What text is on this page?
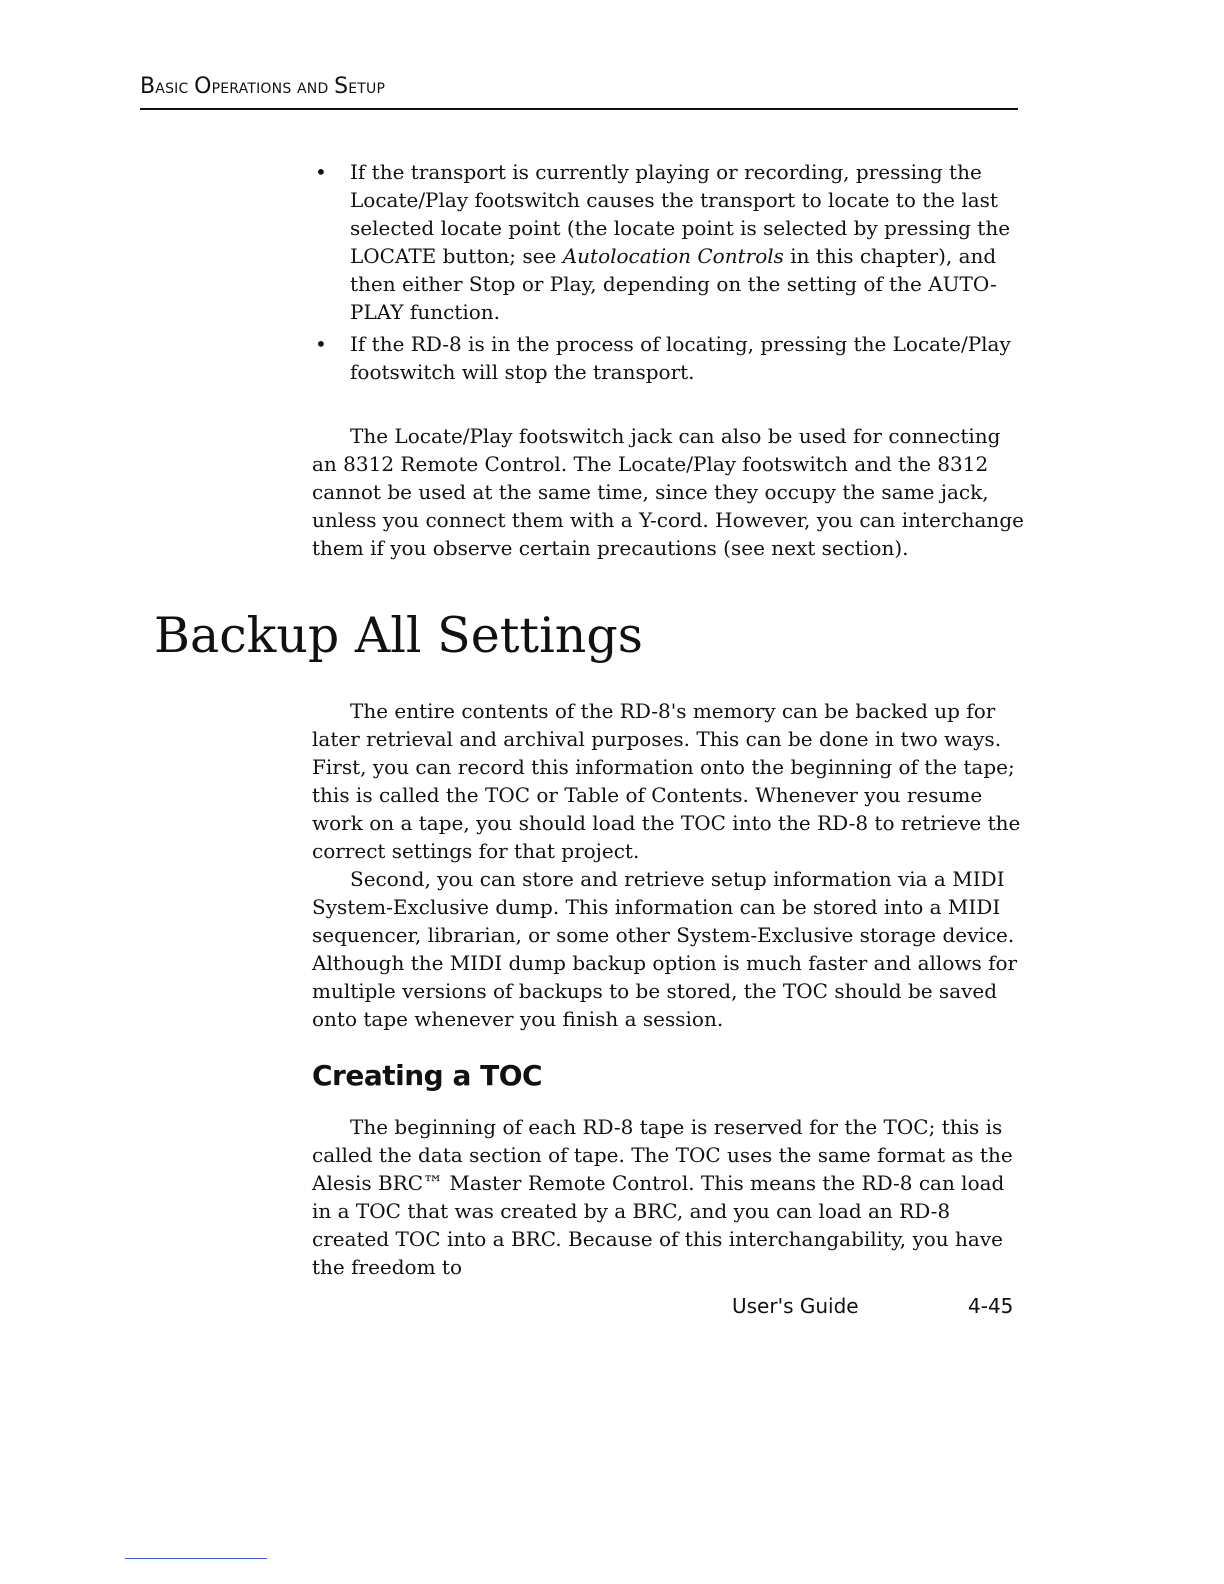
BASIC OPERATIONS AND SETUP
• If the transport is currently playing or recording, pressing the Locate/Play footswitch causes the transport to locate to the last selected locate point (the locate point is selected by pressing the LOCATE button; see Autolocation Controls in this chapter), and then either Stop or Play, depending on the setting of the AUTO-PLAY function.
• If the RD-8 is in the process of locating, pressing the Locate/Play footswitch will stop the transport.

The Locate/Play footswitch jack can also be used for connecting an 8312 Remote Control. The Locate/Play footswitch and the 8312 cannot be used at the same time, since they occupy the same jack, unless you connect them with a Y-cord. However, you can interchange them if you observe certain precautions (see next section).

Backup All Settings

The entire contents of the RD-8's memory can be backed up for later retrieval and archival purposes. This can be done in two ways. First, you can record this information onto the beginning of the tape; this is called the TOC or Table of Contents. Whenever you resume work on a tape, you should load the TOC into the RD-8 to retrieve the correct settings for that project.

Second, you can store and retrieve setup information via a MIDI System-Exclusive dump. This information can be stored into a MIDI sequencer, librarian, or some other System-Exclusive storage device. Although the MIDI dump backup option is much faster and allows for multiple versions of backups to be stored, the TOC should be saved onto tape whenever you finish a session.

Creating a TOC

The beginning of each RD-8 tape is reserved for the TOC; this is called the data section of tape. The TOC uses the same format as the Alesis BRC™ Master Remote Control. This means the RD-8 can load in a TOC that was created by a BRC, and you can load an RD-8 created TOC into a BRC. Because of this interchangability, you have the freedom to

User's Guide	4-45
